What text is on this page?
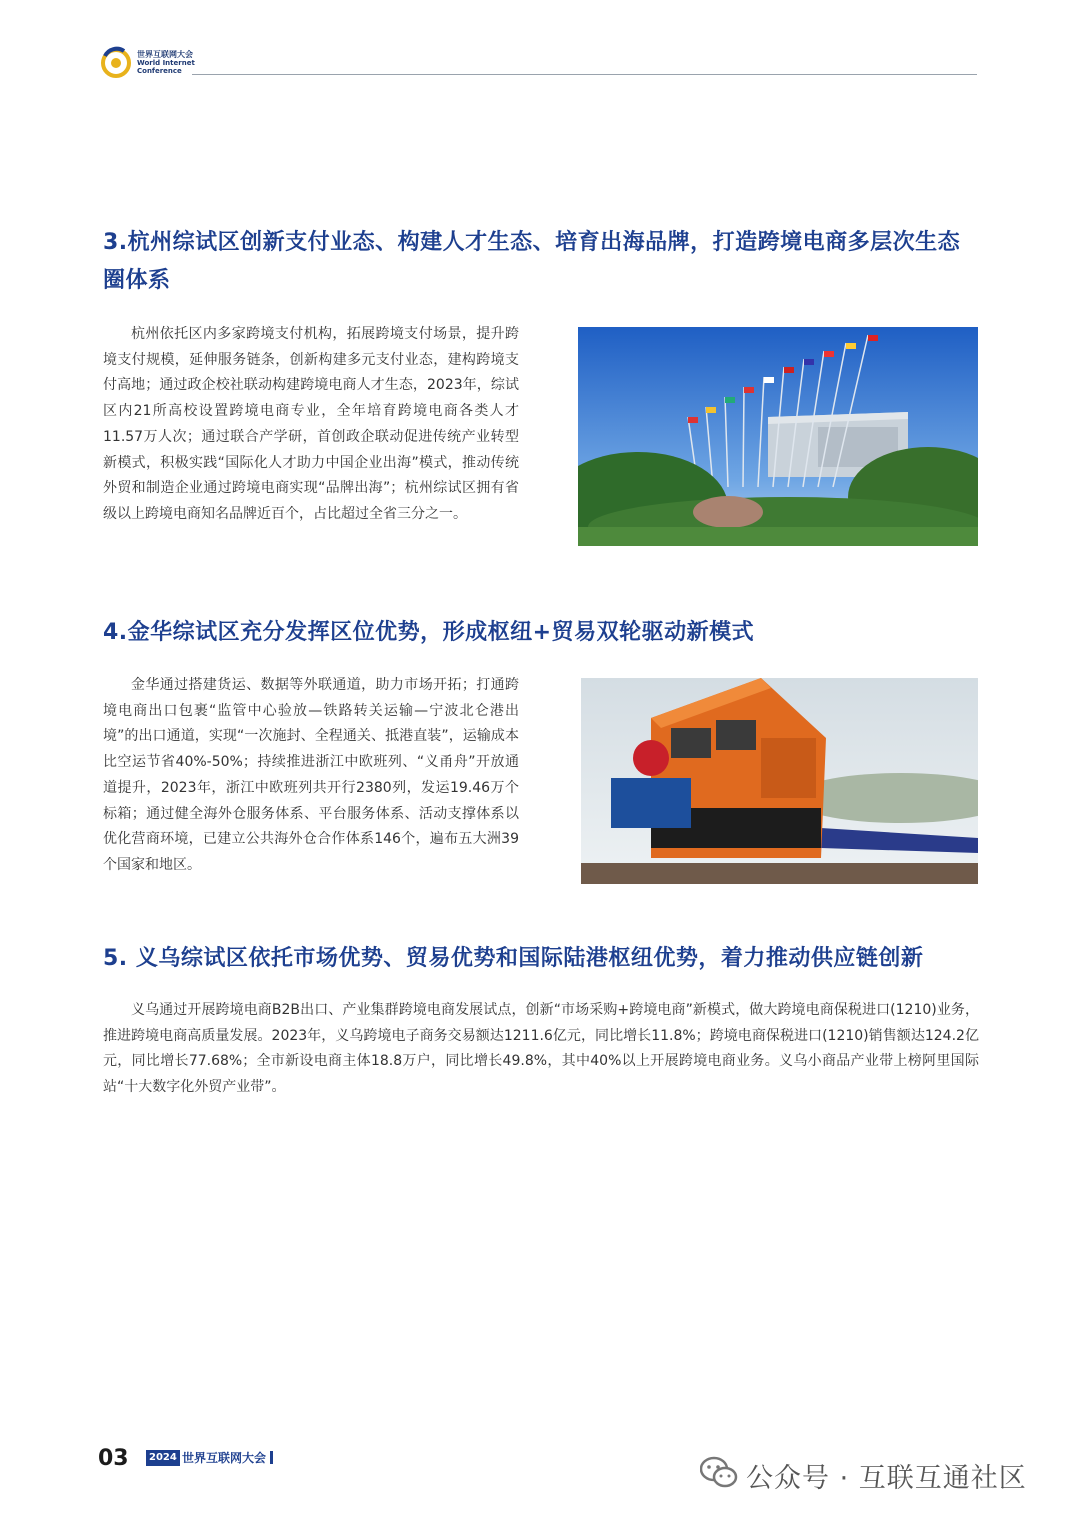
世界互联网大会
World Internet
Conference
3.杭州综试区创新支付业态、构建人才生态、培育出海品牌，打造跨境电商多层次生态
圈体系

杭州依托区内多家跨境支付机构，拓展跨境支付场景，提升跨境支付规模，延伸服务链条，创新构建多元支付业态，建构跨境支付高地；通过政企校社联动构建跨境电商人才生态，2023年，综试区内21所高校设置跨境电商专业，全年培育跨境电商各类人才11.57万人次；通过联合产学研，首创政企联动促进传统产业转型新模式，积极实践“国际化人才助力中国企业出海”模式，推动传统外贸和制造企业通过跨境电商实现“品牌出海”；杭州综试区拥有省级以上跨境电商知名品牌近百个，占比超过全省三分之一。

4.金华综试区充分发挥区位优势，形成枢纽+贸易双轮驱动新模式

金华通过搭建货运、数据等外联通道，助力市场开拓；打通跨境电商出口包裹“监管中心验放—铁路转关运输—宁波北仑港出境”的出口通道，实现“一次施封、全程通关、抵港直装”，运输成本比空运节省40%-50%；持续推进浙江中欧班列、“义甬舟”开放通道提升，2023年，浙江中欧班列共开行2380列，发运19.46万个标箱；通过健全海外仓服务体系、平台服务体系、活动支撑体系以优化营商环境，已建立公共海外仓合作体系146个，遍布五大洲39个国家和地区。

5. 义乌综试区依托市场优势、贸易优势和国际陆港枢纽优势，着力推动供应链创新

义乌通过开展跨境电商B2B出口、产业集群跨境电商发展试点，创新“市场采购+跨境电商”新模式，做大跨境电商保税进口(1210)业务，推进跨境电商高质量发展。2023年，义乌跨境电子商务交易额达1211.6亿元，同比增长11.8%；跨境电商保税进口(1210)销售额达124.2亿元，同比增长77.68%；全市新设电商主体18.8万户，同比增长49.8%，其中40%以上开展跨境电商业务。义乌小商品产业带上榜阿里国际站“十大数字化外贸产业带”。

03	2024 世界互联网大会
公众号 · 互联互通社区
